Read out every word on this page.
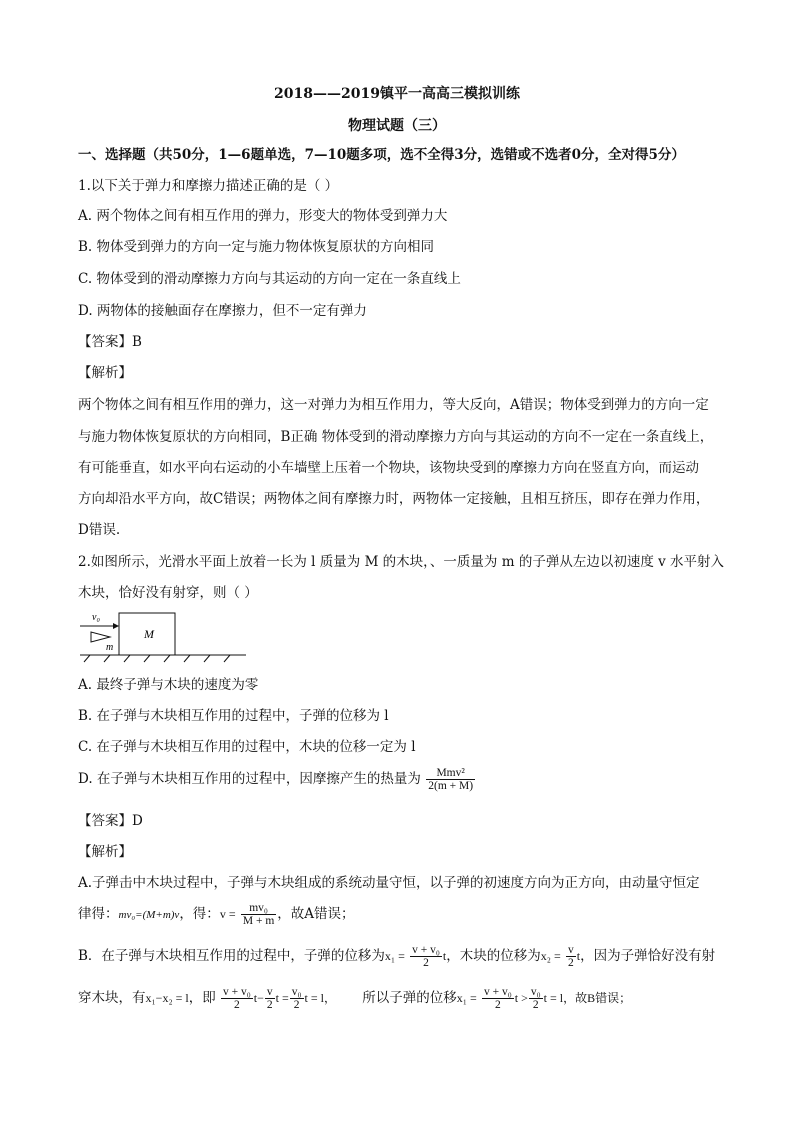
2018——2019镇平一高高三模拟训练
物理试题（三）
一、选择题（共50分，1—6题单选，7—10题多项，选不全得3分，选错或不选者0分，全对得5分）
1.以下关于弹力和摩擦力描述正确的是（ ）
A. 两个物体之间有相互作用的弹力，形变大的物体受到弹力大
B. 物体受到弹力的方向一定与施力物体恢复原状的方向相同
C. 物体受到的滑动摩擦力方向与其运动的方向一定在一条直线上
D. 两物体的接触面存在摩擦力，但不一定有弹力
【答案】B
【解析】
两个物体之间有相互作用的弹力，这一对弹力为相互作用力，等大反向，A错误；物体受到弹力的方向一定
与施力物体恢复原状的方向相同，B正确 物体受到的滑动摩擦力方向与其运动的方向不一定在一条直线上，
有可能垂直，如水平向右运动的小车墙壁上压着一个物块，该物块受到的摩擦力方向在竖直方向，而运动
方向却沿水平方向，故C错误；两物体之间有摩擦力时，两物体一定接触，且相互挤压，即存在弹力作用，
D错误.
2.如图所示，光滑水平面上放着一长为 l 质量为 M 的木块，、一质量为 m 的子弹从左边以初速度 v 水平射入
木块，恰好没有射穿，则（ ）
v₀
m
M
A. 最终子弹与木块的速度为零
B. 在子弹与木块相互作用的过程中，子弹的位移为 l
C. 在子弹与木块相互作用的过程中，木块的位移一定为 l
D. 在子弹与木块相互作用的过程中，因摩擦产生的热量为 $\frac{\text{Mmv²}}{2(m + M)}$
【答案】D
【解析】
A.子弹击中木块过程中，子弹与木块组成的系统动量守恒，以子弹的初速度方向为正方向，由动量守恒定
律得：mv₀=(M+m)v，得：$v = \frac{\text{mv₀}}{M + m}$ ，故A错误；
B．在子弹与木块相互作用的过程中，子弹的位移为$x_1 = \frac{\text{v + v₀}}{2}$ t，木块的位移为$x_2 = \frac{v}{2}$ t，因为子弹恰好没有射
穿木块，有x₁−x₂ = l，即 $\frac{\text{v + v₀}}{2} t- \frac{v}{2}$ $t = \frac{\text{v₀}}{2}$ t = l， 所以子弹的位移$x_1 = \frac{\text{v + v₀}}{2}$ $t > \frac{\text{v₀}}{2}$ t = l，故B错误；
